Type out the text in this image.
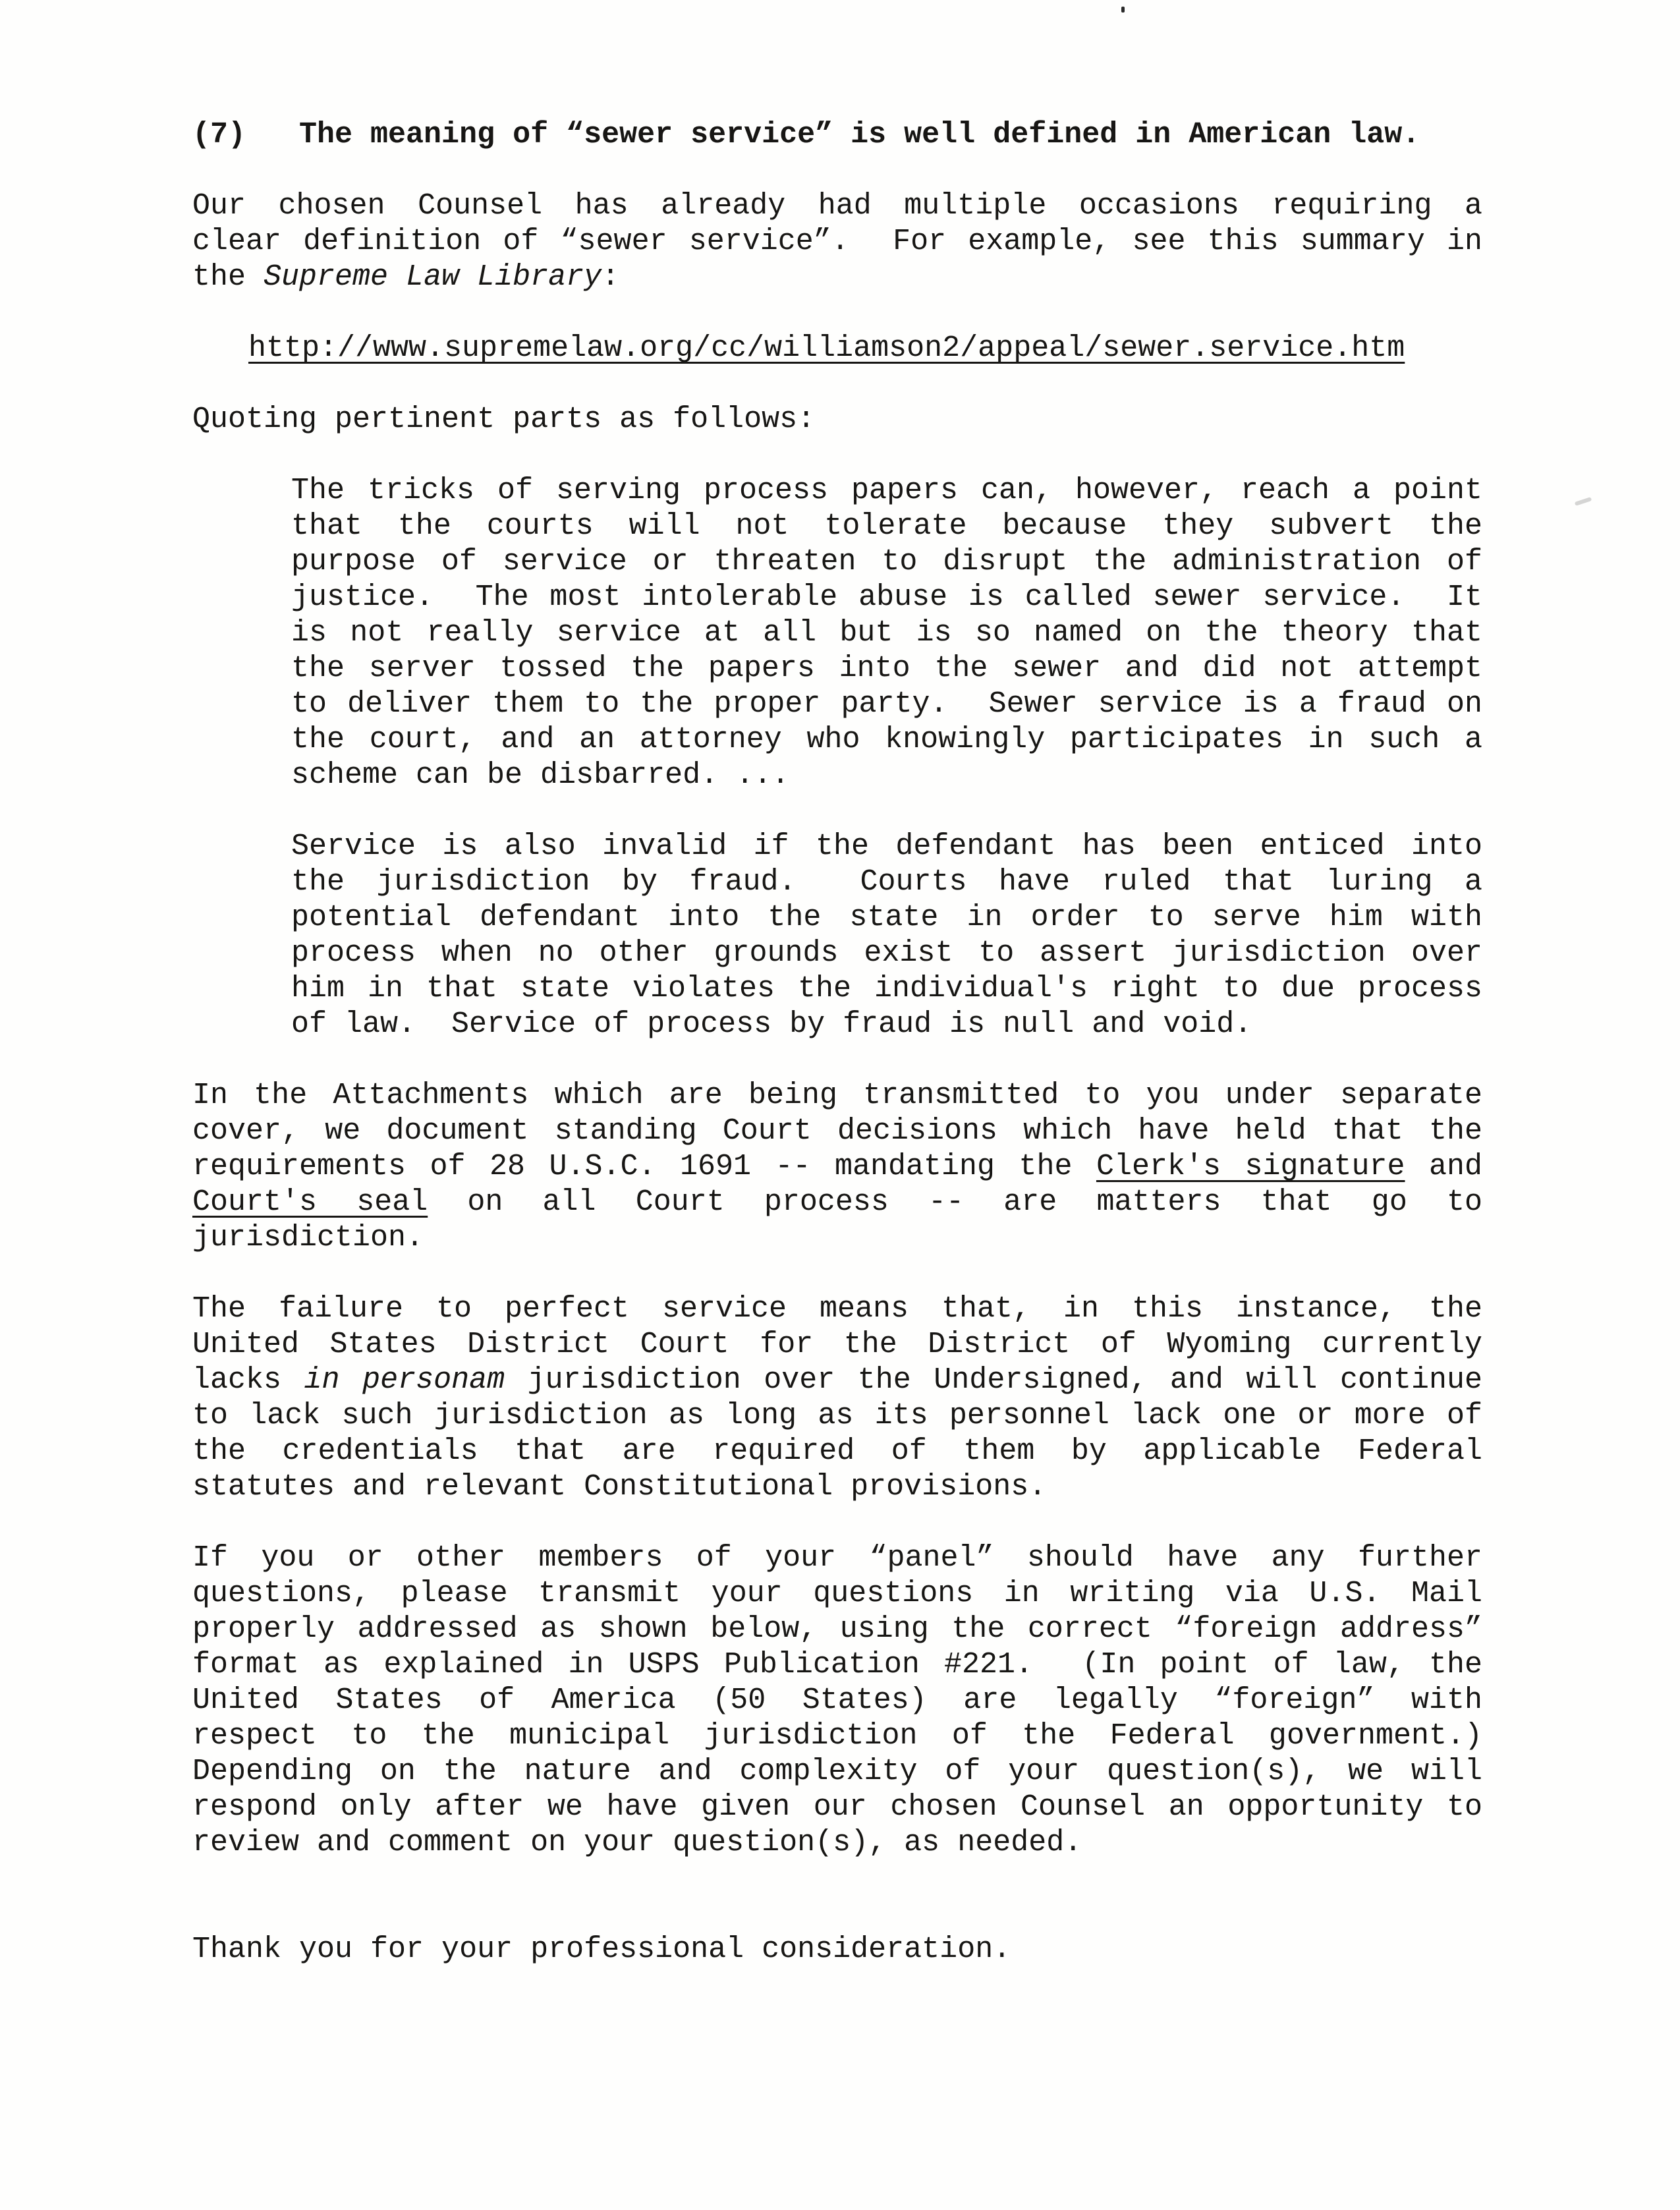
(7)   The meaning of “sewer service” is well defined in American law.
Our chosen Counsel has already had multiple occasions requiring a
clear definition of “sewer service”.  For example, see this summary in
the Supreme Law Library:
http://www.supremelaw.org/cc/williamson2/appeal/sewer.service.htm
Quoting pertinent parts as follows:
The tricks of serving process papers can, however, reach a point
that the courts will not tolerate because they subvert the
purpose of service or threaten to disrupt the administration of
justice.  The most intolerable abuse is called sewer service.  It
is not really service at all but is so named on the theory that
the server tossed the papers into the sewer and did not attempt
to deliver them to the proper party.  Sewer service is a fraud on
the court, and an attorney who knowingly participates in such a
scheme can be disbarred. ...
Service is also invalid if the defendant has been enticed into
the jurisdiction by fraud.  Courts have ruled that luring a
potential defendant into the state in order to serve him with
process when no other grounds exist to assert jurisdiction over
him in that state violates the individual's right to due process
of law.  Service of process by fraud is null and void.
In the Attachments which are being transmitted to you under separate
cover, we document standing Court decisions which have held that the
requirements of 28 U.S.C. 1691 -- mandating the Clerk's signature and
Court's seal on all Court process -- are matters that go to
jurisdiction.
The failure to perfect service means that, in this instance, the
United States District Court for the District of Wyoming currently
lacks in personam jurisdiction over the Undersigned, and will continue
to lack such jurisdiction as long as its personnel lack one or more of
the credentials that are required of them by applicable Federal
statutes and relevant Constitutional provisions.
If you or other members of your “panel” should have any further
questions, please transmit your questions in writing via U.S. Mail
properly addressed as shown below, using the correct “foreign address”
format as explained in USPS Publication #221.  (In point of law, the
United States of America (50 States) are legally “foreign” with
respect to the municipal jurisdiction of the Federal government.)
Depending on the nature and complexity of your question(s), we will
respond only after we have given our chosen Counsel an opportunity to
review and comment on your question(s), as needed.
Thank you for your professional consideration.
